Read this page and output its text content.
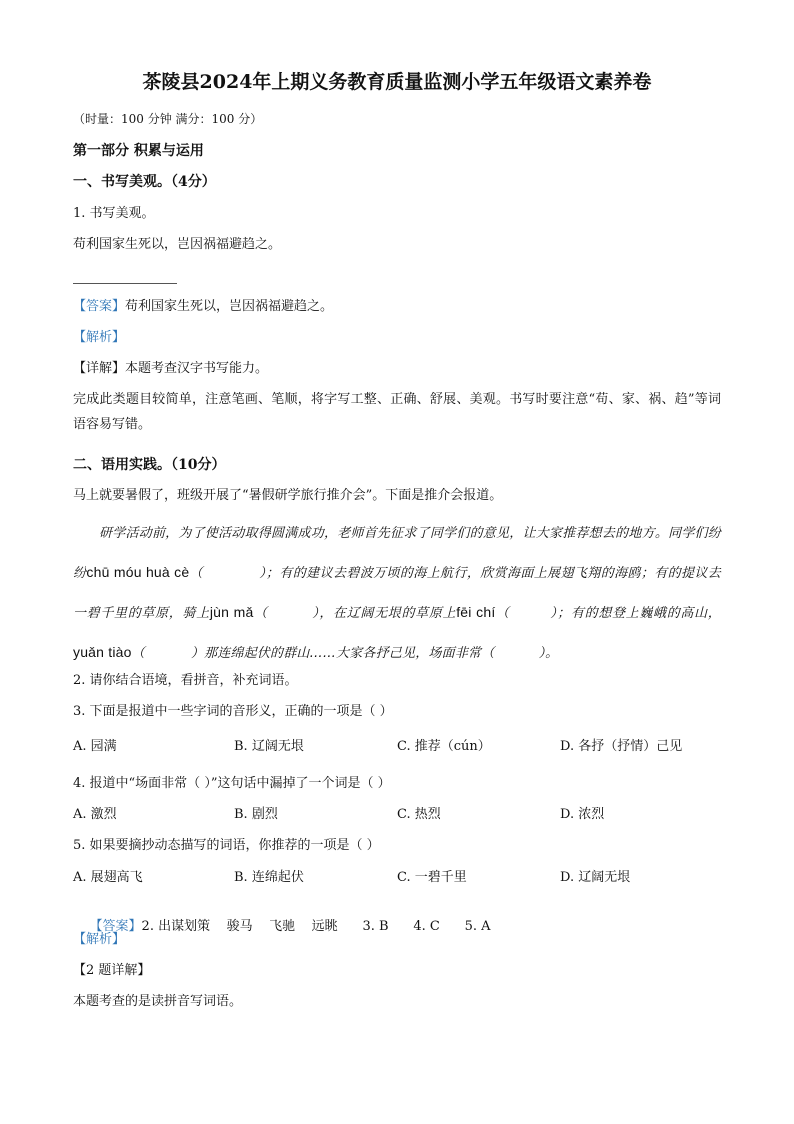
茶陵县2024年上期义务教育质量监测小学五年级语文素养卷
（时量：100 分钟 满分：100 分）
第一部分 积累与运用
一、书写美观。（4分）
1. 书写美观。
苟利国家生死以，岂因祸福避趋之。
【答案】苟利国家生死以，岂因祸福避趋之。
【解析】
【详解】本题考查汉字书写能力。
完成此类题目较简单，注意笔画、笔顺，将字写工整、正确、舒展、美观。书写时要注意“苟、家、祸、趋”等词语容易写错。
二、语用实践。（10分）
马上就要暑假了，班级开展了“暑假研学旅行推介会”。下面是推介会报道。
研学活动前，为了使活动取得圆满成功，老师首先征求了同学们的意见，让大家推荐想去的地方。同学们纷纷chū móu huà cè（	）；有的建议去碧波万顷的海上航行，欣赏海面上展翅飞翔的海鸥；有的提议去一碧千里的草原，骑上jùn mǎ（	），在辽阔无垠的草原上fēi chí（	）；有的想登上巍峨的高山，yuǎn tiào（	）那连绵起伏的群山……大家各抒己见，场面非常（	）。
2. 请你结合语境，看拼音，补充词语。
3. 下面是报道中一些字词的音形义，正确的一项是（ ）
A. 园满	B. 辽阔无垠	C. 推荐（cún）	D. 各抒（抒情）己见
4. 报道中“场面非常（ ）”这句话中漏掉了一个词是（ ）
A. 激烈	B. 剧烈	C. 热烈	D. 浓烈
5. 如果要摘抄动态描写的词语，你推荐的一项是（ ）
A. 展翅高飞	B. 连绵起伏	C. 一碧千里	D. 辽阔无垠

【答案】2. 出谋划策    骏马    飞驰    远眺      3. B      4. C      5. A

【解析】
【2 题详解】
本题考查的是读拼音写词语。
